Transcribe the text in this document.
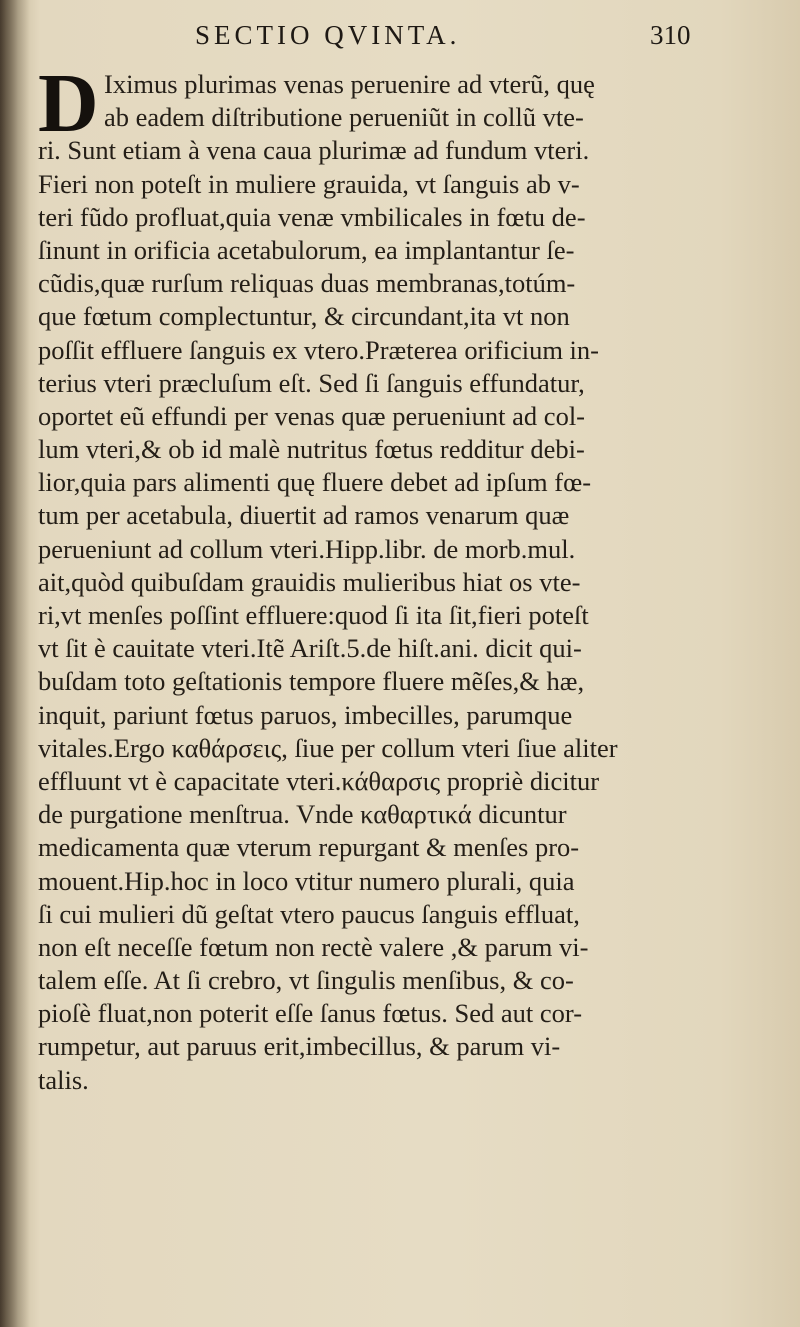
SECTIO QVINTA.	310
D Iximus plurimas venas peruenire ad vterũ, quę
ab eadem diſtributione perueniũt in collũ vte-
ri. Sunt etiam à vena caua plurimæ ad fundum vteri.
Fieri non poteſt in muliere grauida, vt ſanguis ab v-
teri fũdo profluat,quia venæ vmbilicales in fœtu de-
ſinunt in orificia acetabulorum, ea implantantur ſe-
cũdis,quæ rurſum reliquas duas membranas,totúm-
que fœtum complectuntur, & circundant,ita vt non
poſſit effluere ſanguis ex vtero.Præterea orificium in-
terius vteri præcluſum eſt. Sed ſi ſanguis effundatur,
oportet eũ effundi per venas quæ perueniunt ad col-
lum vteri,& ob id malè nutritus fœtus redditur debi-
lior,quia pars alimenti quę fluere debet ad ipſum fœ-
tum per acetabula, diuertit ad ramos venarum quæ
perueniunt ad collum vteri.Hipp.libr. de morb.mul.
ait,quòd quibuſdam grauidis mulieribus hiat os vte-
ri,vt menſes poſſint effluere:quod ſi ita ſit,fieri poteſt
vt ſit è cauitate vteri.Itẽ Ariſt.5.de hiſt.ani. dicit qui-
buſdam toto geſtationis tempore fluere mẽſes,& hæ,
inquit, pariunt fœtus paruos, imbecilles, parumque
vitales.Ergo καθάρσεις, ſiue per collum vteri ſiue aliter
effluunt vt è capacitate vteri.κάθαρσις propriè dicitur
de purgatione menſtrua. Vnde καθαρτικά dicuntur
medicamenta quæ vterum repurgant & menſes pro-
mouent.Hip.hoc in loco vtitur numero plurali, quia
ſi cui mulieri dũ geſtat vtero paucus ſanguis effluat,
non eſt neceſſe fœtum non rectè valere ,& parum vi-
talem eſſe. At ſi crebro, vt ſingulis menſibus, & co-
pioſè fluat,non poterit eſſe ſanus fœtus. Sed aut cor-
rumpetur, aut paruus erit,imbecillus, & parum vi-
talis.
